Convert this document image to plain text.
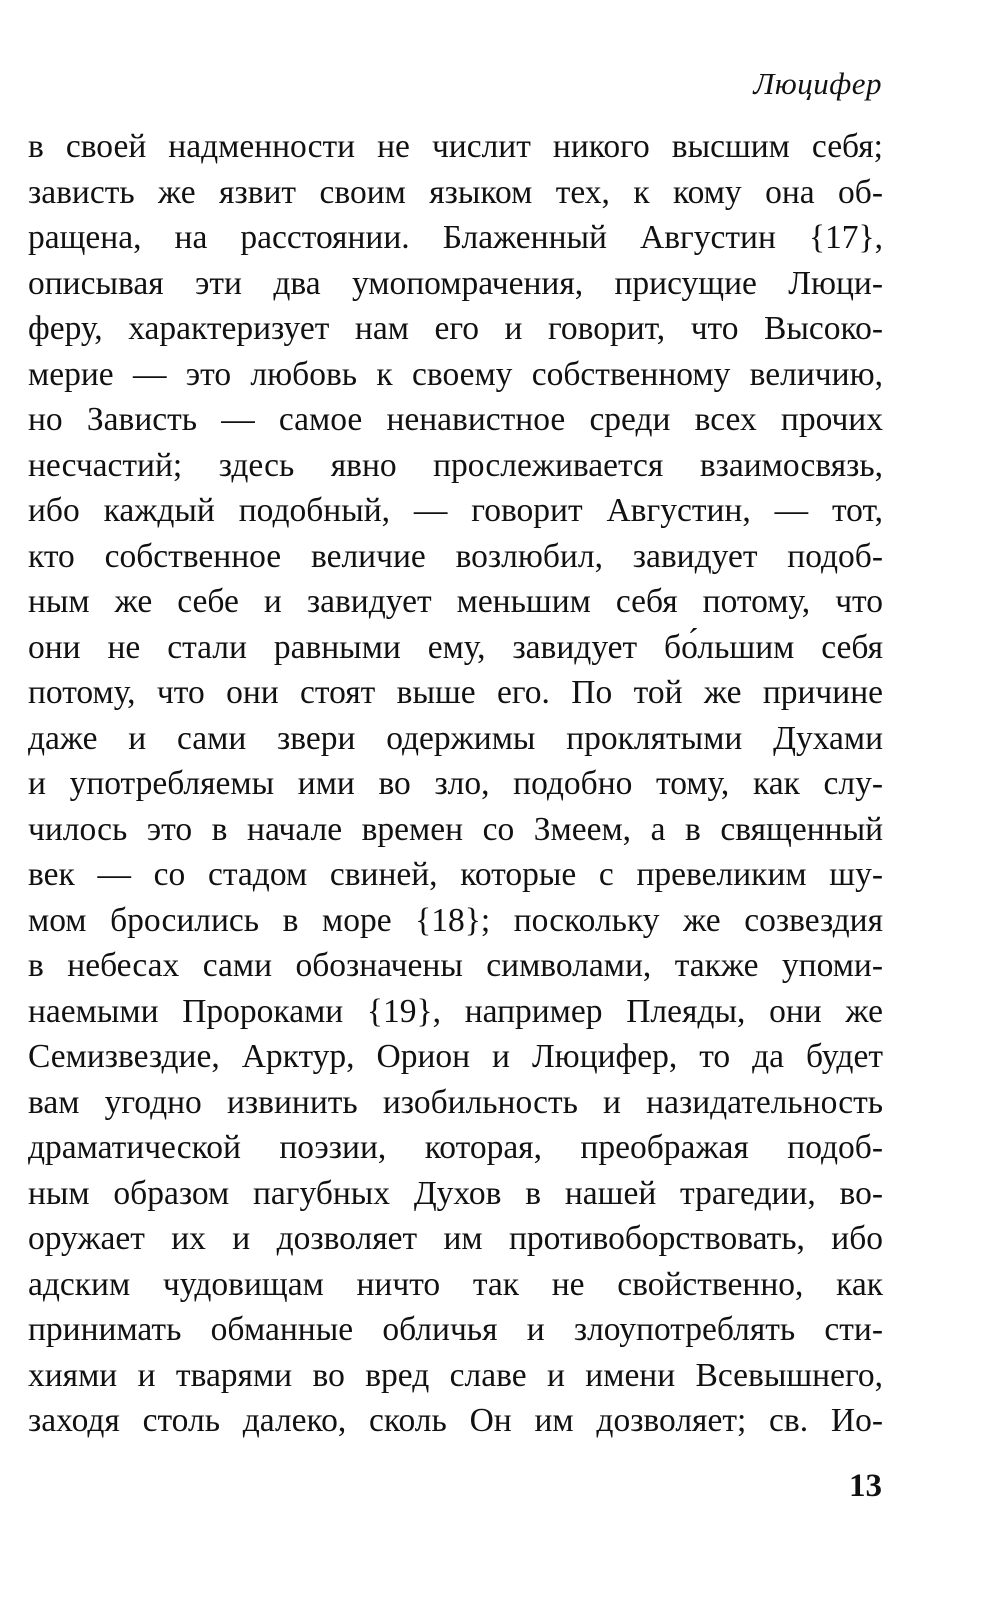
Люцифер
в своей надменности не числит никого высшим себя;
зависть же язвит своим языком тех, к кому она об-
ращена, на расстоянии. Блаженный Августин {17},
описывая эти два умопомрачения, присущие Люци-
феру, характеризует нам его и говорит, что Высоко-
мерие — это любовь к своему собственному величию,
но Зависть — самое ненавистное среди всех прочих
несчастий; здесь явно прослеживается взаимосвязь,
ибо каждый подобный, — говорит Августин, — тот,
кто собственное величие возлюбил, завидует подоб-
ным же себе и завидует меньшим себя потому, что
они не стали равными ему, завидует бо́льшим себя
потому, что они стоят выше его. По той же причине
даже и сами звери одержимы проклятыми Духами
и употребляемы ими во зло, подобно тому, как слу-
чилось это в начале времен со Змеем, а в священный
век — со стадом свиней, которые с превеликим шу-
мом бросились в море {18}; поскольку же созвездия
в небесах сами обозначены символами, также упоми-
наемыми Пророками {19}, например Плеяды, они же
Семизвездие, Арктур, Орион и Люцифер, то да будет
вам угодно извинить изобильность и назидательность
драматической поэзии, которая, преображая подоб-
ным образом пагубных Духов в нашей трагедии, во-
оружает их и дозволяет им противоборствовать, ибо
адским чудовищам ничто так не свойственно, как
принимать обманные обличья и злоупотреблять сти-
хиями и тварями во вред славе и имени Всевышнего,
заходя столь далеко, сколь Он им дозволяет; св. Ио-
13
